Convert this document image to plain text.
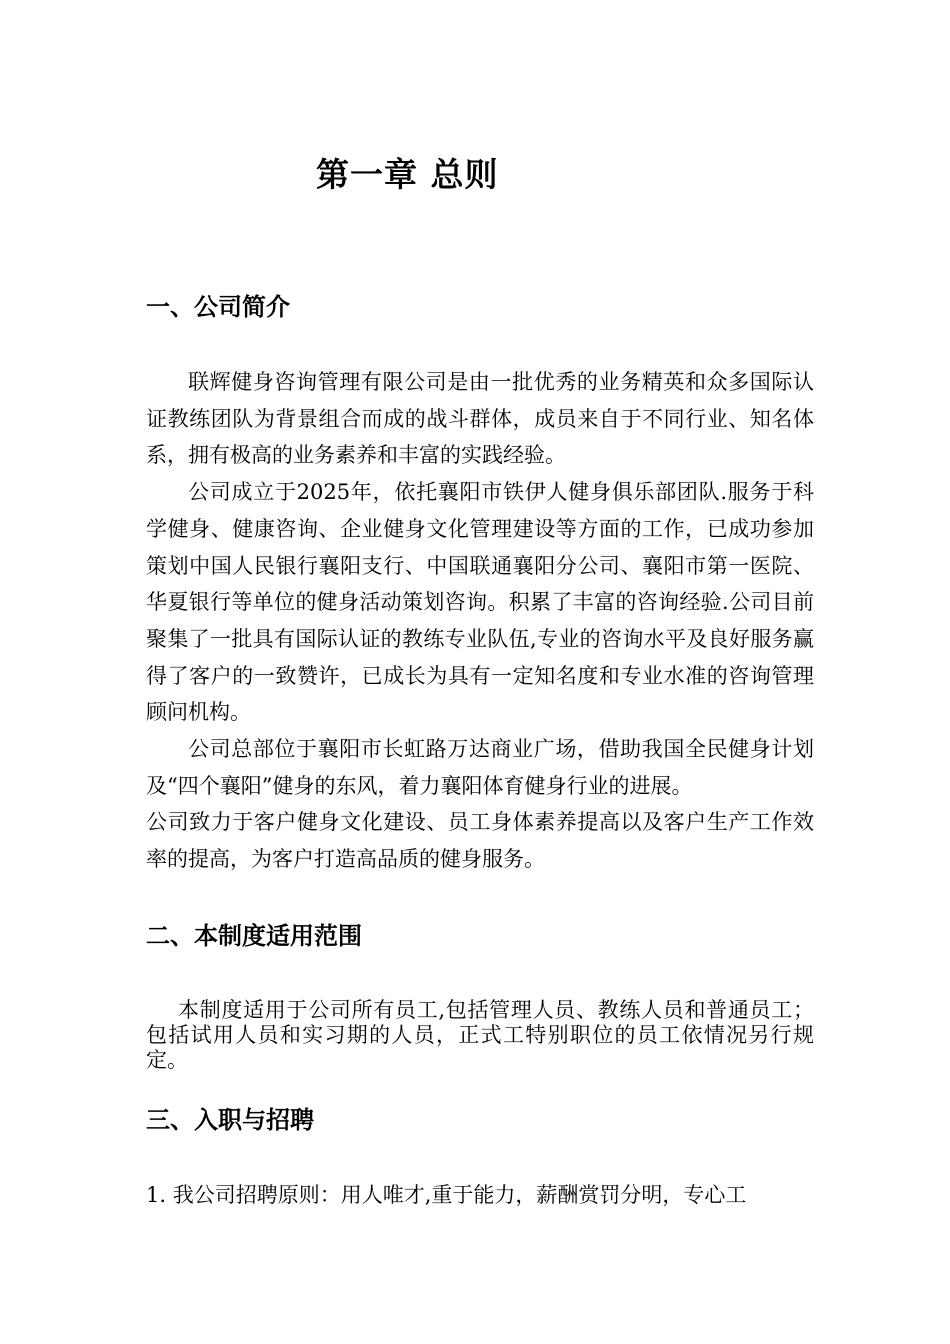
第一章 总则
一、公司简介

联辉健身咨询管理有限公司是由一批优秀的业务精英和众多国际认证教练团队为背景组合而成的战斗群体，成员来自于不同行业、知名体系，拥有极高的业务素养和丰富的实践经验。

公司成立于2025年，依托襄阳市铁伊人健身俱乐部团队.服务于科学健身、健康咨询、企业健身文化管理建设等方面的工作，已成功参加策划中国人民银行襄阳支行、中国联通襄阳分公司、襄阳市第一医院、华夏银行等单位的健身活动策划咨询。积累了丰富的咨询经验.公司目前聚集了一批具有国际认证的教练专业队伍,专业的咨询水平及良好服务赢得了客户的一致赞许，已成长为具有一定知名度和专业水准的咨询管理顾问机构。

公司总部位于襄阳市长虹路万达商业广场，借助我国全民健身计划及“四个襄阳”健身的东风，着力襄阳体育健身行业的进展。

公司致力于客户健身文化建设、员工身体素养提高以及客户生产工作效率的提高，为客户打造高品质的健身服务。

二、本制度适用范围

本制度适用于公司所有员工,包括管理人员、教练人员和普通员工；包括试用人员和实习期的人员，正式工特别职位的员工依情况另行规定。

三、入职与招聘

1. 我公司招聘原则：用人唯才,重于能力，薪酬赏罚分明，专心工
